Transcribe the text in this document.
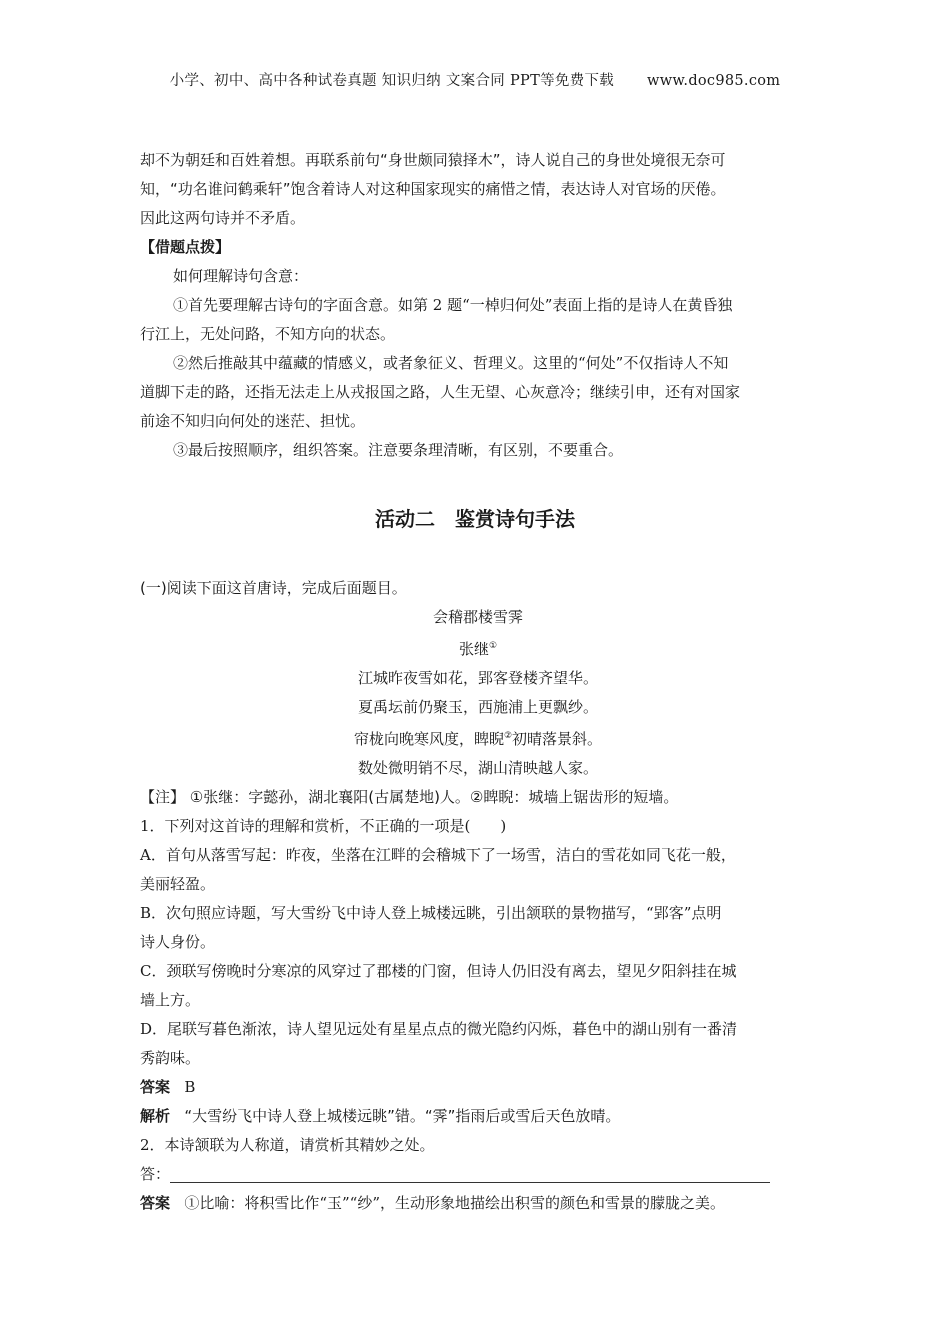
小学、初中、高中各种试卷真题 知识归纳 文案合同 PPT等免费下载 www.doc985.com

却不为朝廷和百姓着想。再联系前句“身世颇同猿择木”，诗人说自己的身世处境很无奈可

知，“功名谁问鹤乘轩”饱含着诗人对这种国家现实的痛惜之情，表达诗人对官场的厌倦。

因此这两句诗并不矛盾。

【借题点拨】

如何理解诗句含意：

①首先要理解古诗句的字面含意。如第 2 题“一棹归何处”表面上指的是诗人在黄昏独

行江上，无处问路，不知方向的状态。

②然后推敲其中蕴藏的情感义，或者象征义、哲理义。这里的“何处”不仅指诗人不知

道脚下走的路，还指无法走上从戎报国之路，人生无望、心灰意冷；继续引申，还有对国家

前途不知归向何处的迷茫、担忧。

③最后按照顺序，组织答案。注意要条理清晰，有区别，不要重合。

活动二　鉴赏诗句手法

(一)阅读下面这首唐诗，完成后面题目。

会稽郡楼雪霁
张继①
江城昨夜雪如花，郢客登楼齐望华。
夏禹坛前仍聚玉，西施浦上更飘纱。
帘栊向晚寒风度，睥睨②初晴落景斜。
数处微明销不尽，湖山清映越人家。

【注】 ①张继：字懿孙，湖北襄阳(古属楚地)人。②睥睨：城墙上锯齿形的短墙。

1．下列对这首诗的理解和赏析，不正确的一项是(　　)

A．首句从落雪写起：昨夜，坐落在江畔的会稽城下了一场雪，洁白的雪花如同飞花一般，

美丽轻盈。

B．次句照应诗题，写大雪纷飞中诗人登上城楼远眺，引出颔联的景物描写，“郢客”点明

诗人身份。

C．颈联写傍晚时分寒凉的风穿过了郡楼的门窗，但诗人仍旧没有离去，望见夕阳斜挂在城

墙上方。

D．尾联写暮色渐浓，诗人望见远处有星星点点的微光隐约闪烁，暮色中的湖山别有一番清

秀韵味。

答案 B

解析 “大雪纷飞中诗人登上城楼远眺”错。“霁”指雨后或雪后天色放晴。

2．本诗颔联为人称道，请赏析其精妙之处。

答：

答案 ①比喻：将积雪比作“玉”“纱”，生动形象地描绘出积雪的颜色和雪景的朦胧之美。
